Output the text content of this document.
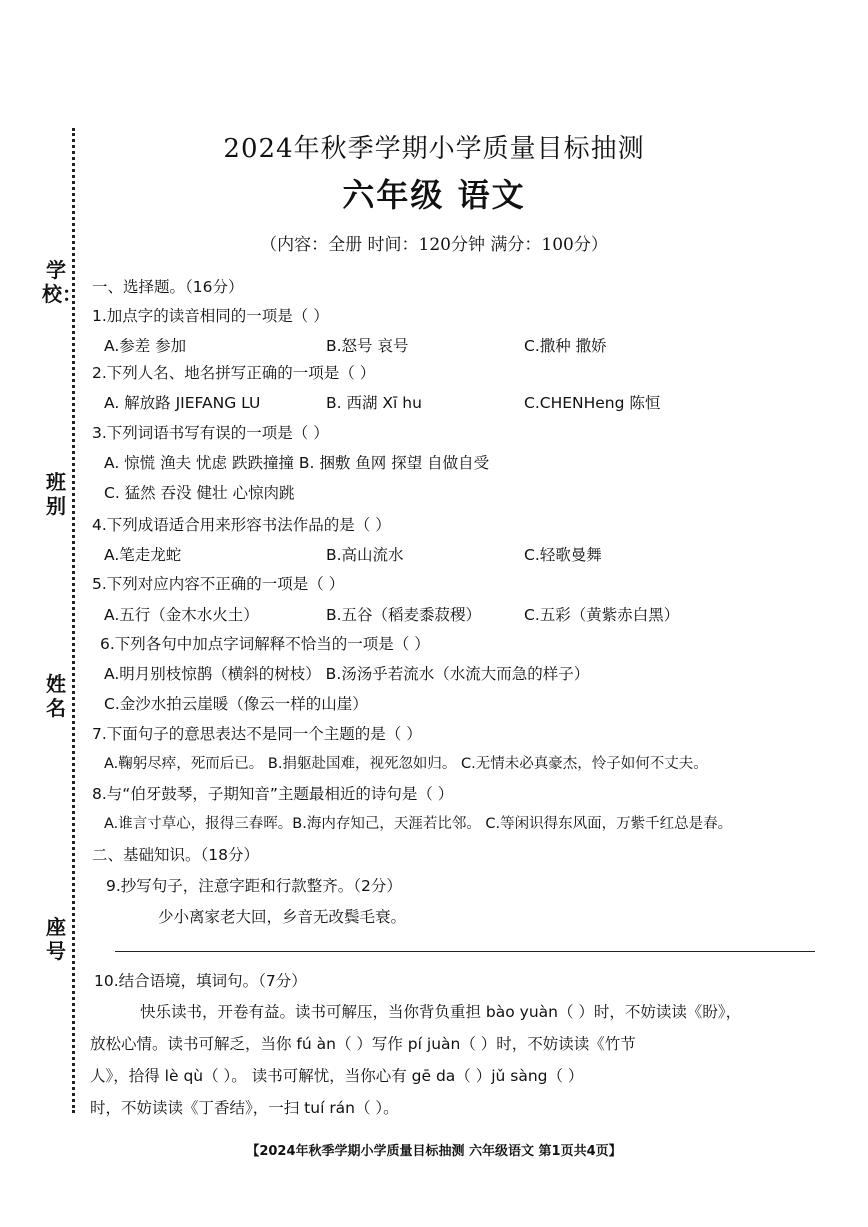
学校：
班别
姓名
座号
2024年秋季学期小学质量目标抽测
六年级 语文
（内容：全册 时间：120分钟 满分：100分）
一、选择题。（16分）
1.加点字的读音相同的一项是（ ）
A.参差 参加	B.怒号 哀号	C.撒种 撒娇
2.下列人名、地名拼写正确的一项是（ ）
A. 解放路 JIEFANG LU	B. 西湖 Xī hu	C.CHENHeng 陈恒
3.下列词语书写有误的一项是（ ）
A. 惊慌 渔夫 忧虑 跌跌撞撞 B. 捆敷 鱼网 探望 自做自受
C. 猛然 吞没 健壮 心惊肉跳
4.下列成语适合用来形容书法作品的是（ ）
A.笔走龙蛇	B.高山流水	C.轻歌曼舞
5.下列对应内容不正确的一项是（ ）
A.五行（金木水火土）	B.五谷（稻麦黍菽稷）	C.五彩（黄紫赤白黑）
6.下列各句中加点字词解释不恰当的一项是（ ）
A.明月别枝惊鹊（横斜的树枝） B.汤汤乎若流水（水流大而急的样子）
C.金沙水拍云崖暖（像云一样的山崖）
7.下面句子的意思表达不是同一个主题的是（ ）
A.鞠躬尽瘁，死而后已。 B.捐躯赴国难，视死忽如归。 C.无情未必真豪杰，怜子如何不丈夫。
8.与“伯牙鼓琴，子期知音”主题最相近的诗句是（ ）
A.谁言寸草心，报得三春晖。B.海内存知己，天涯若比邻。 C.等闲识得东风面，万紫千红总是春。
二、基础知识。（18分）
9.抄写句子，注意字距和行款整齐。（2分）
少小离家老大回，乡音无改鬓毛衰。
10.结合语境，填词句。（7分）
快乐读书，开卷有益。读书可解压，当你背负重担 bào yuàn（ ）时，不妨读读《盼》，
放松心情。读书可解乏，当你 fú àn（ ）写作 pí juàn（ ）时，不妨读读《竹节
人》，拾得 lè qù（ ）。 读书可解忧，当你心有 gē dа（ ）jǔ sàng（ ）
时，不妨读读《丁香结》，一扫 tuí rán（ ）。
【2024年秋季学期小学质量目标抽测 六年级语文 第1页共4页】
